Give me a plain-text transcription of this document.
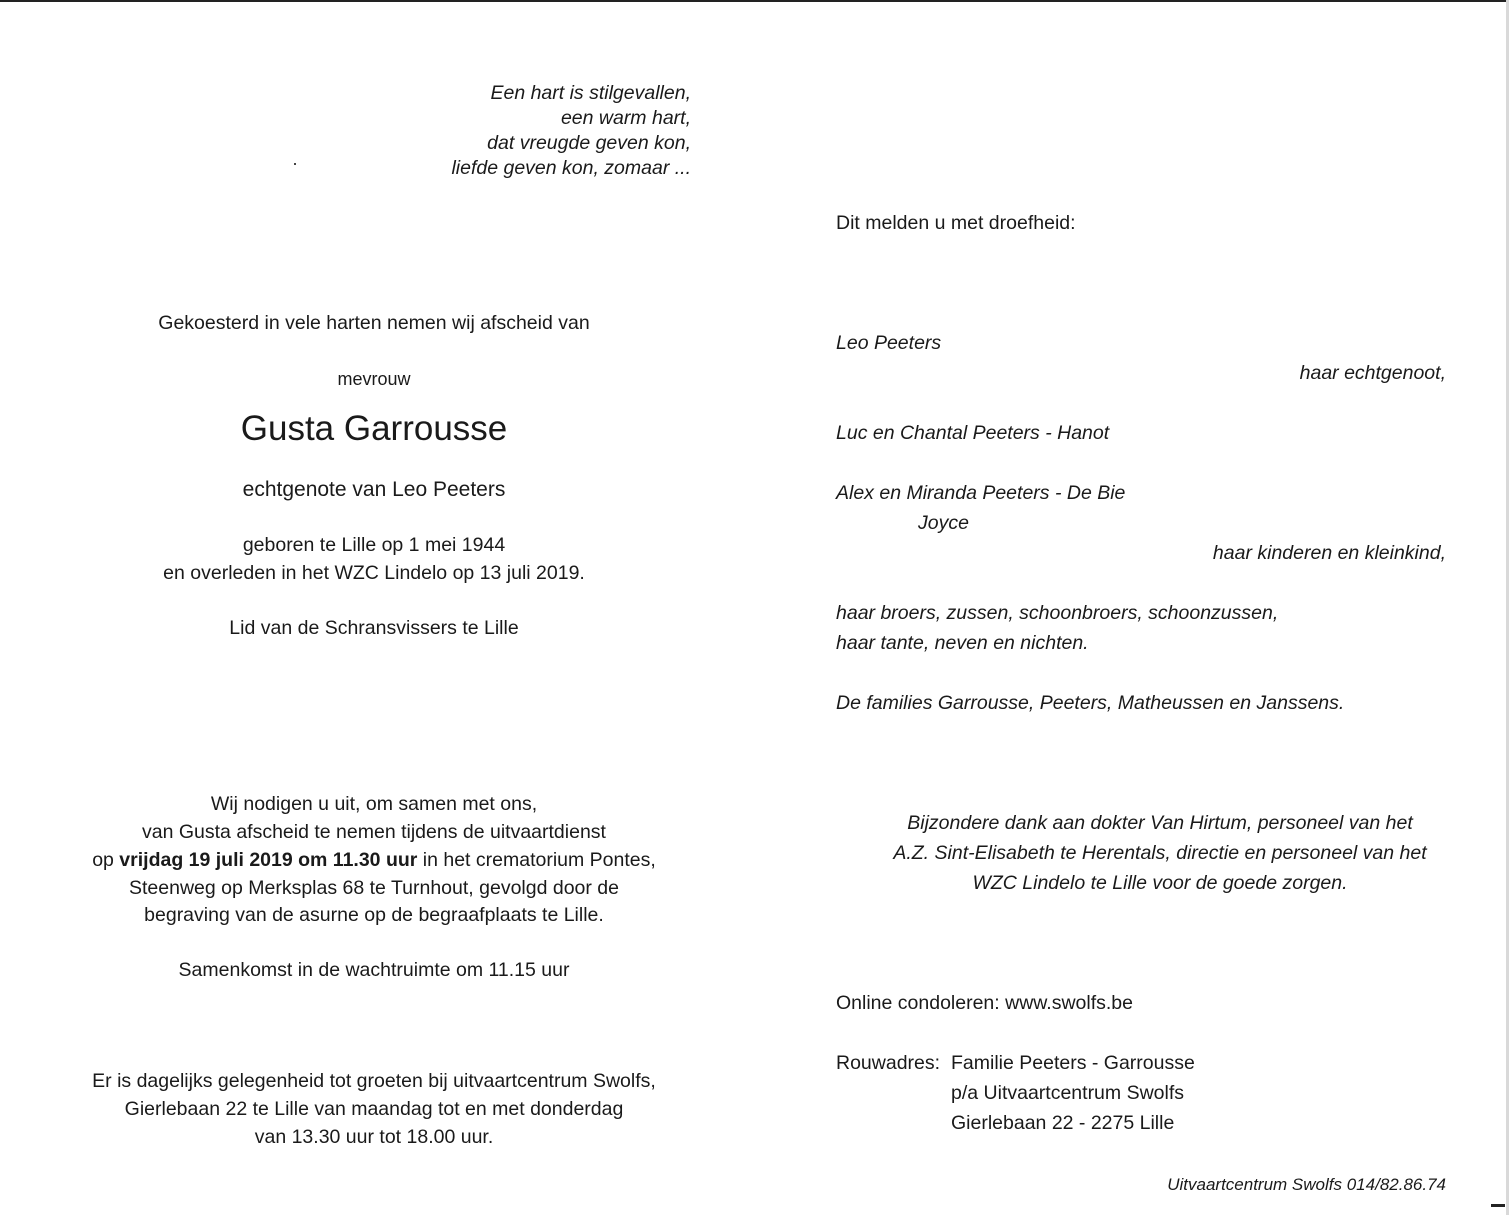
Een hart is stilgevallen,
een warm hart,
dat vreugde geven kon,
liefde geven kon, zomaar ...
Gekoesterd in vele harten nemen wij afscheid van
mevrouw
Gusta Garrousse
echtgenote van Leo Peeters
geboren te Lille op 1 mei 1944
en overleden in het WZC Lindelo op 13 juli 2019.
Lid van de Schransvissers te Lille
Wij nodigen u uit, om samen met ons,
van Gusta afscheid te nemen tijdens de uitvaartdienst
op vrijdag 19 juli 2019 om 11.30 uur in het crematorium Pontes,
Steenweg op Merksplas 68 te Turnhout, gevolgd door de
begraving van de asurne op de begraafplaats te Lille.
Samenkomst in de wachtruimte om 11.15 uur
Er is dagelijks gelegenheid tot groeten bij uitvaartcentrum Swolfs,
Gierlebaan 22 te Lille van maandag tot en met donderdag
van 13.30 uur tot 18.00 uur.
Dit melden u met droefheid:
Leo Peeters
haar echtgenoot,
Luc en Chantal Peeters - Hanot
Alex en Miranda Peeters - De Bie
Joyce
haar kinderen en kleinkind,
haar broers, zussen, schoonbroers, schoonzussen,
haar tante, neven en nichten.
De families Garrousse, Peeters, Matheussen en Janssens.
Bijzondere dank aan dokter Van Hirtum, personeel van het
A.Z. Sint-Elisabeth te Herentals, directie en personeel van het
WZC Lindelo te Lille voor de goede zorgen.
Online condoleren: www.swolfs.be
Rouwadres: Familie Peeters - Garrousse
p/a Uitvaartcentrum Swolfs
Gierlebaan 22 - 2275 Lille
Uitvaartcentrum Swolfs 014/82.86.74
